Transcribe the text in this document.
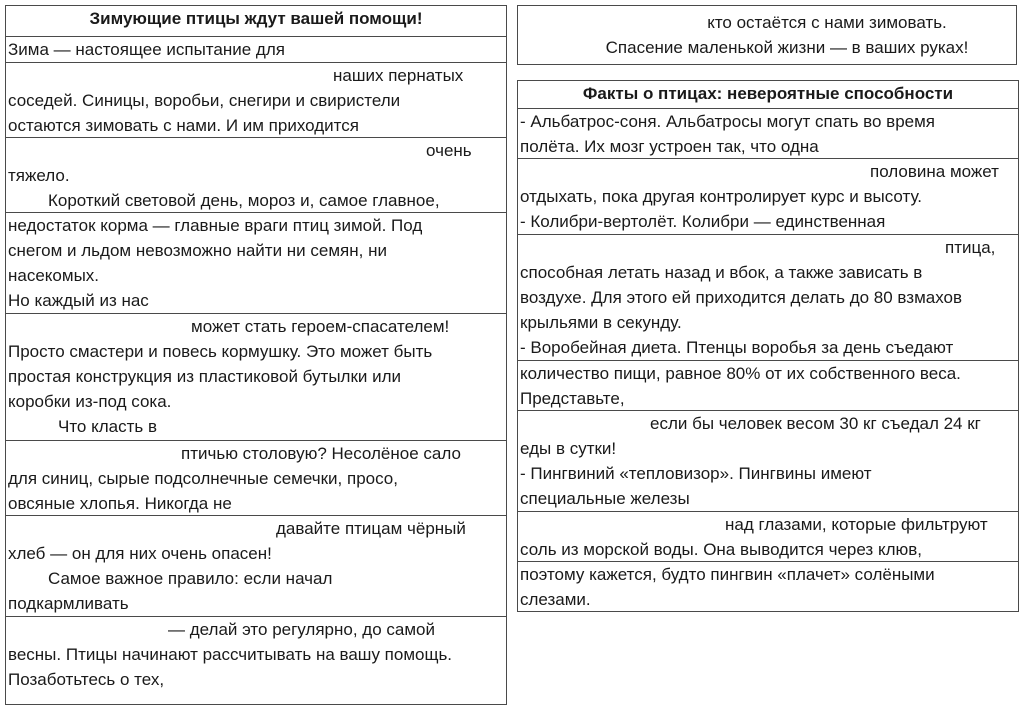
Зимующие птицы ждут вашей помощи!
Зима — настоящее испытание для
наших пернатых
соседей. Синицы, воробьи, снегири и свиристели
остаются зимовать с нами. И им приходится
очень
тяжело.
Короткий световой день, мороз и, самое главное,
недостаток корма — главные враги птиц зимой. Под
снегом и льдом невозможно найти ни семян, ни
насекомых.
Но каждый из нас
может стать героем-спасателем!
Просто смастери и повесь кормушку. Это может быть
простая конструкция из пластиковой бутылки или
коробки из-под сока.
Что класть в
птичью столовую? Несолёное сало
для синиц, сырые подсолнечные семечки, просо,
овсяные хлопья. Никогда не
давайте птицам чёрный
хлеб — он для них очень опасен!
Самое важное правило: если начал
подкармливать
— делай это регулярно, до самой
весны. Птицы начинают рассчитывать на вашу помощь.
Позаботьтесь о тех,
кто остаётся с нами зимовать.
Спасение маленькой жизни — в ваших руках!
Факты о птицах: невероятные способности
- Альбатрос-соня. Альбатросы могут спать во время
полёта. Их мозг устроен так, что одна
половина может
отдыхать, пока другая контролирует курс и высоту.
- Колибри-вертолёт. Колибри — единственная
птица,
способная летать назад и вбок, а также зависать в
воздухе. Для этого ей приходится делать до 80 взмахов
крыльями в секунду.
- Воробейная диета. Птенцы воробья за день съедают
количество пищи, равное 80% от их собственного веса.
Представьте,
если бы человек весом 30 кг съедал 24 кг
еды в сутки!
- Пингвиний «тепловизор». Пингвины имеют
специальные железы
над глазами, которые фильтруют
соль из морской воды. Она выводится через клюв,
поэтому кажется, будто пингвин «плачет» солёными
слезами.
